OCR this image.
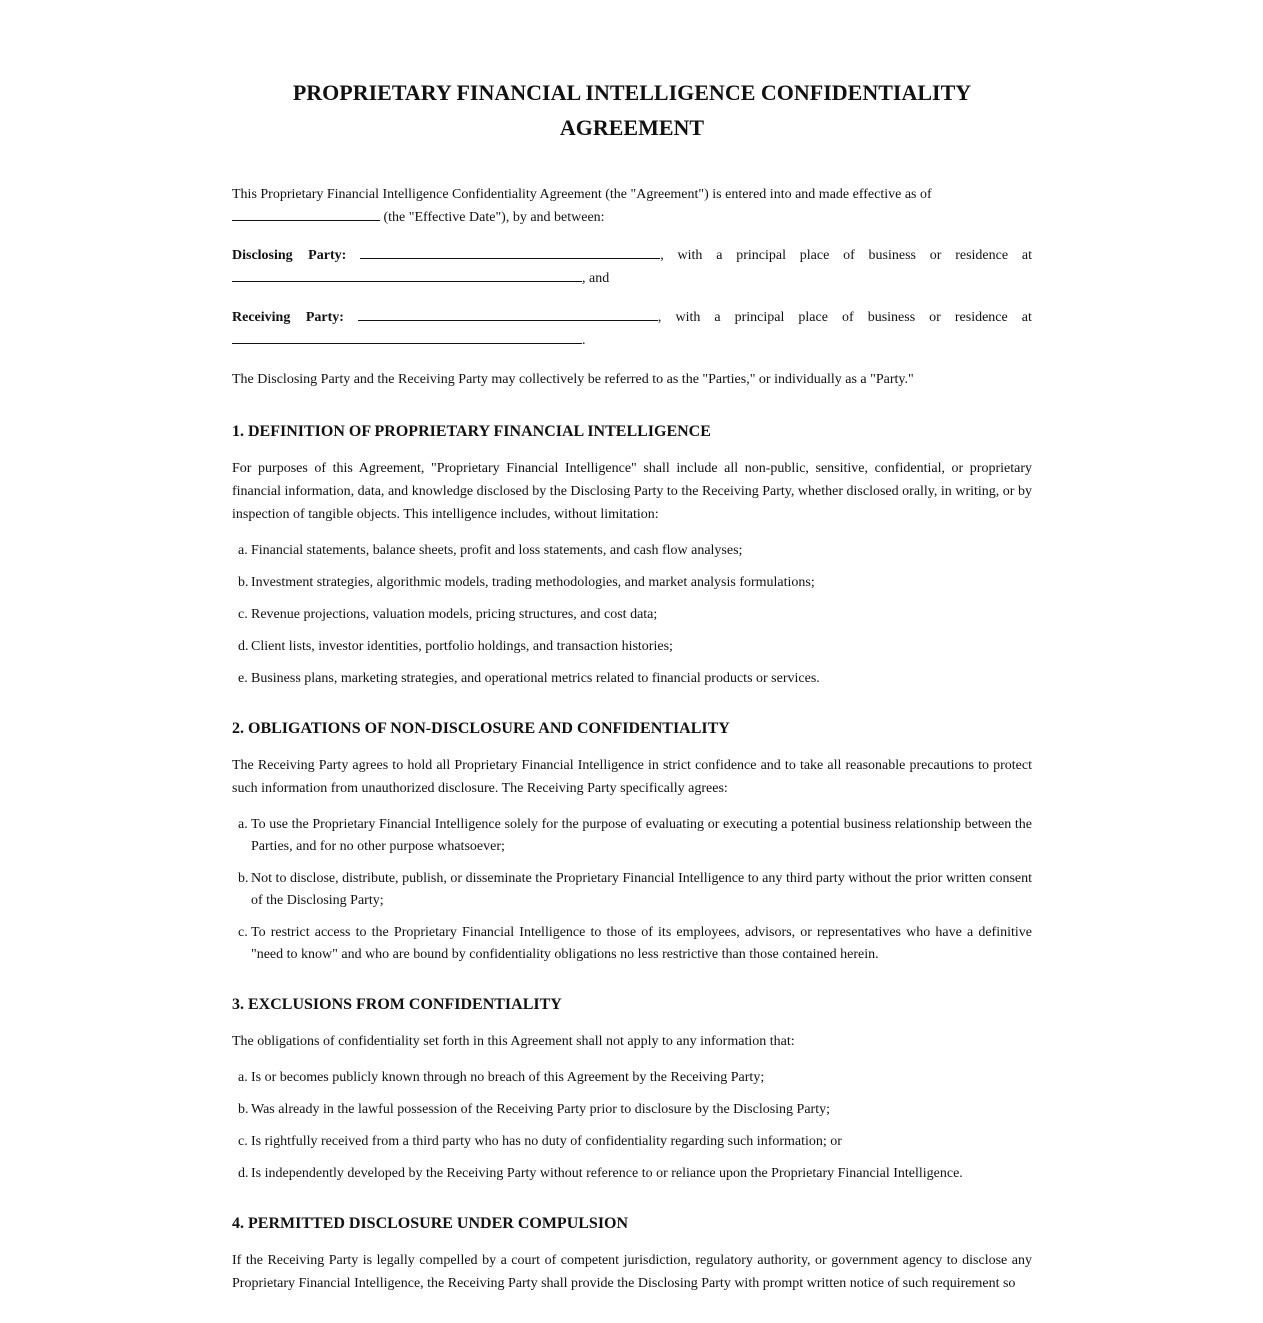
PROPRIETARY FINANCIAL INTELLIGENCE CONFIDENTIALITY AGREEMENT

This Proprietary Financial Intelligence Confidentiality Agreement (the "Agreement") is entered into and made effective as of
(the "Effective Date"), by and between:

Disclosing Party:	, with a principal place of business or residence at
, and
Receiving Party:	, with a principal place of business or residence at
.

The Disclosing Party and the Receiving Party may collectively be referred to as the "Parties," or individually as a "Party."

1. DEFINITION OF PROPRIETARY FINANCIAL INTELLIGENCE

For purposes of this Agreement, "Proprietary Financial Intelligence" shall include all non-public, sensitive, confidential, or proprietary financial information, data, and knowledge disclosed by the Disclosing Party to the Receiving Party, whether disclosed orally, in writing, or by inspection of tangible objects. This intelligence includes, without limitation:

a. Financial statements, balance sheets, profit and loss statements, and cash flow analyses;
b. Investment strategies, algorithmic models, trading methodologies, and market analysis formulations;
c. Revenue projections, valuation models, pricing structures, and cost data;
d. Client lists, investor identities, portfolio holdings, and transaction histories;
e. Business plans, marketing strategies, and operational metrics related to financial products or services.
2. OBLIGATIONS OF NON-DISCLOSURE AND CONFIDENTIALITY

The Receiving Party agrees to hold all Proprietary Financial Intelligence in strict confidence and to take all reasonable precautions to protect such information from unauthorized disclosure. The Receiving Party specifically agrees:

a. To use the Proprietary Financial Intelligence solely for the purpose of evaluating or executing a potential business relationship between the Parties, and for no other purpose whatsoever;
b. Not to disclose, distribute, publish, or disseminate the Proprietary Financial Intelligence to any third party without the prior written consent of the Disclosing Party;
c. To restrict access to the Proprietary Financial Intelligence to those of its employees, advisors, or representatives who have a definitive "need to know" and who are bound by confidentiality obligations no less restrictive than those contained herein.
3. EXCLUSIONS FROM CONFIDENTIALITY

The obligations of confidentiality set forth in this Agreement shall not apply to any information that:

a. Is or becomes publicly known through no breach of this Agreement by the Receiving Party;
b. Was already in the lawful possession of the Receiving Party prior to disclosure by the Disclosing Party;
c. Is rightfully received from a third party who has no duty of confidentiality regarding such information; or
d. Is independently developed by the Receiving Party without reference to or reliance upon the Proprietary Financial Intelligence.
4. PERMITTED DISCLOSURE UNDER COMPULSION

If the Receiving Party is legally compelled by a court of competent jurisdiction, regulatory authority, or government agency to disclose any Proprietary Financial Intelligence, the Receiving Party shall provide the Disclosing Party with prompt written notice of such requirement so
